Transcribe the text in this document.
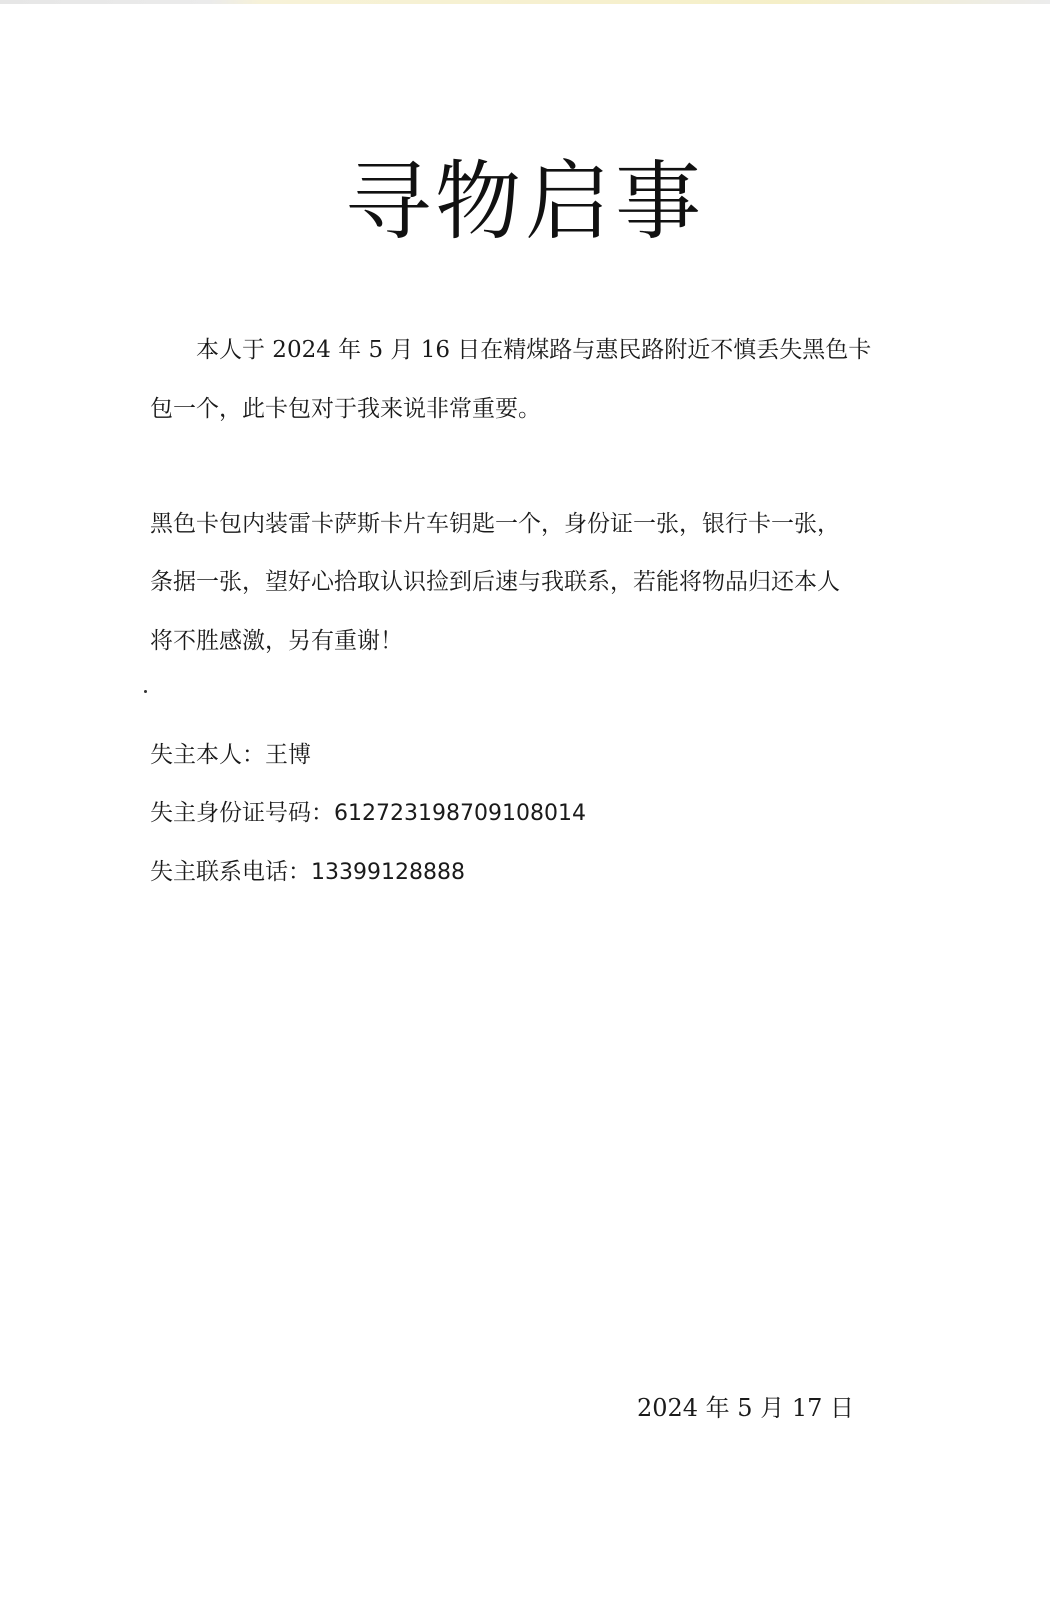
寻物启事

本人于 2024 年 5 月 16 日在精煤路与惠民路附近不慎丢失黑色卡

包一个，此卡包对于我来说非常重要。

黑色卡包内装雷卡萨斯卡片车钥匙一个，身份证一张，银行卡一张，

条据一张，望好心拾取认识捡到后速与我联系，若能将物品归还本人

将不胜感激，另有重谢！

失主本人：王博

失主身份证号码：612723198709108014

失主联系电话：13399128888

2024 年 5 月 17 日
